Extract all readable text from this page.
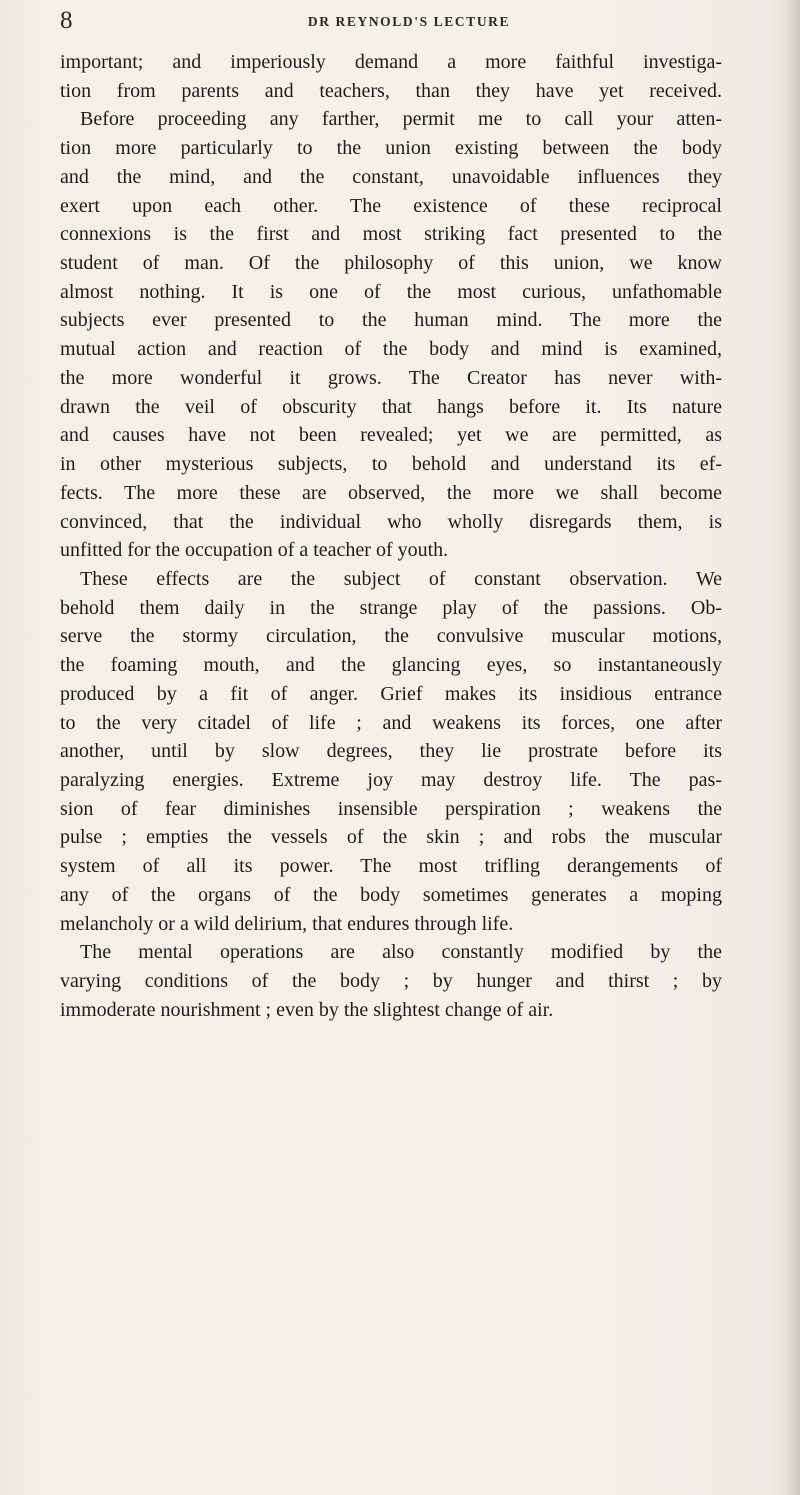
8	DR REYNOLD'S LECTURE
important; and imperiously demand a more faithful investiga-
tion from parents and teachers, than they have yet received.
Before proceeding any farther, permit me to call your atten-
tion more particularly to the union existing between the body
and the mind, and the constant, unavoidable influences they
exert upon each other. The existence of these reciprocal
connexions is the first and most striking fact presented to the
student of man. Of the philosophy of this union, we know
almost nothing. It is one of the most curious, unfathomable
subjects ever presented to the human mind. The more the
mutual action and reaction of the body and mind is examined,
the more wonderful it grows. The Creator has never with-
drawn the veil of obscurity that hangs before it. Its nature
and causes have not been revealed; yet we are permitted, as
in other mysterious subjects, to behold and understand its ef-
fects. The more these are observed, the more we shall become
convinced, that the individual who wholly disregards them, is
unfitted for the occupation of a teacher of youth.
These effects are the subject of constant observation. We
behold them daily in the strange play of the passions. Ob-
serve the stormy circulation, the convulsive muscular motions,
the foaming mouth, and the glancing eyes, so instantaneously
produced by a fit of anger. Grief makes its insidious entrance
to the very citadel of life ; and weakens its forces, one after
another, until by slow degrees, they lie prostrate before its
paralyzing energies. Extreme joy may destroy life. The pas-
sion of fear diminishes insensible perspiration ; weakens the
pulse ; empties the vessels of the skin ; and robs the muscular
system of all its power. The most trifling derangements of
any of the organs of the body sometimes generates a moping
melancholy or a wild delirium, that endures through life.
The mental operations are also constantly modified by the
varying conditions of the body ; by hunger and thirst ; by
immoderate nourishment ; even by the slightest change of air.
